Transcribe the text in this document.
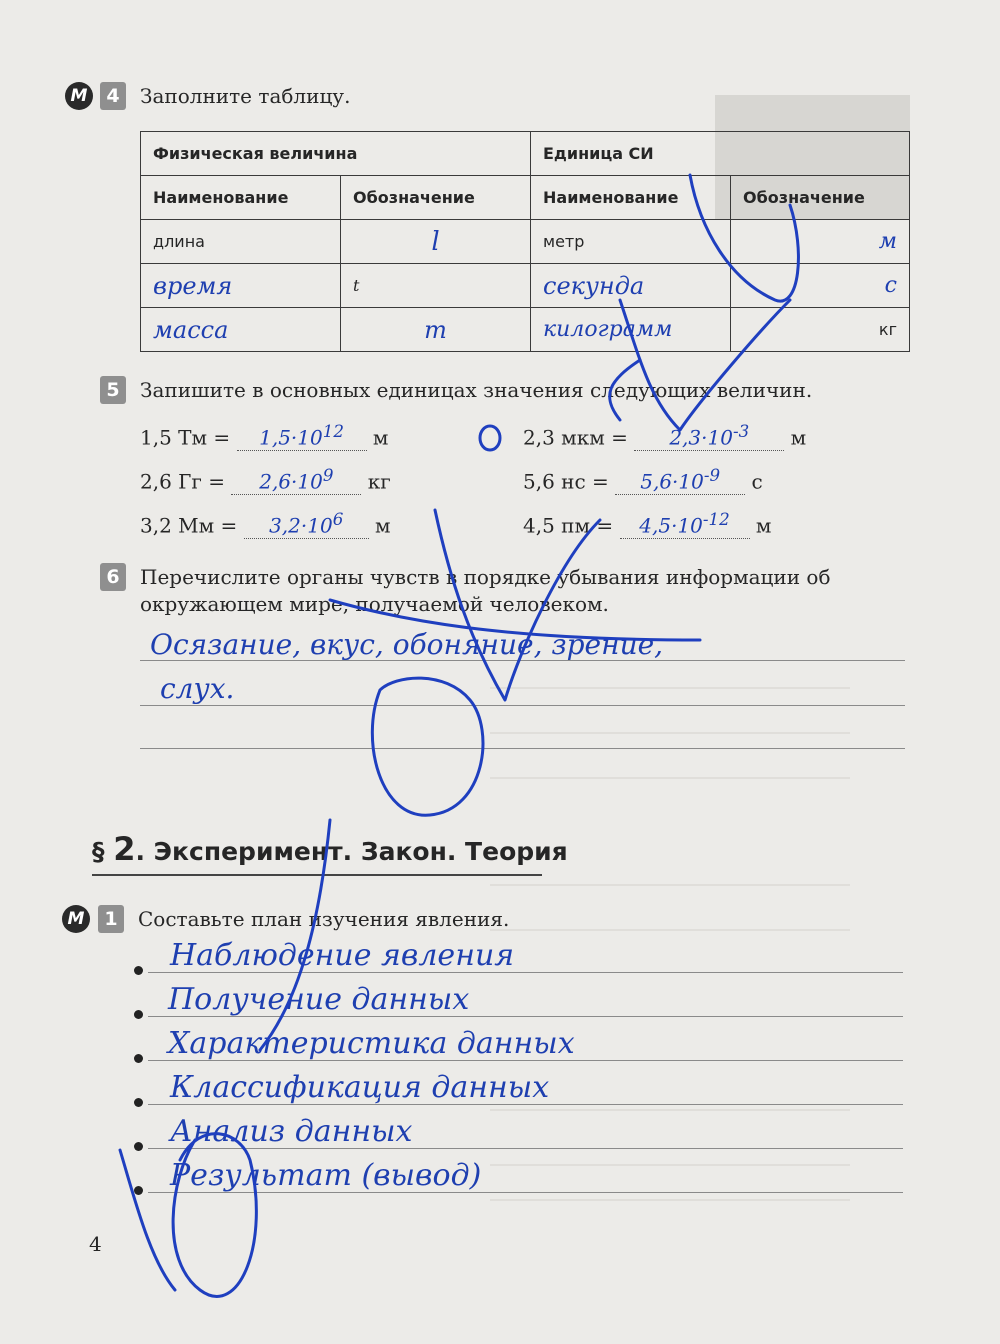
М 4	Заполните таблицу.
Физическая величина		Единица СИ	
Наименование	Обозначение	Наименование	Обозначение
длина	l	метр	м
время	t	секунда	с
масса	m	килограмм	кг
5	Запишите в основных единицах значения следующих величин.
1,5 Тм = $1,5\cdot 10^{12}$ м	2,3 мкм = $2,3\cdot 10^{-3}$ м
2,6 Гг = $2,6\cdot 10^9$ кг	5,6 нс = $5,6\cdot 10^{-9}$ с
3,2 Мм = $3,2\cdot 10^6$ м	4,5 пм = $4,5\cdot 10^{-12}$ м
6	Перечислите органы чувств в порядке убывания информации об
окружающем мире, получаемой человеком.
Осязание, вкус, обоняние, зрение,
слух.
§ 2. Эксперимент. Закон. Теория
М	1	Составьте план изучения явления.
Наблюдение явления
Получение данных
Характеристика данных
Классификация данных
Анализ данных
Результат (вывод)
4
